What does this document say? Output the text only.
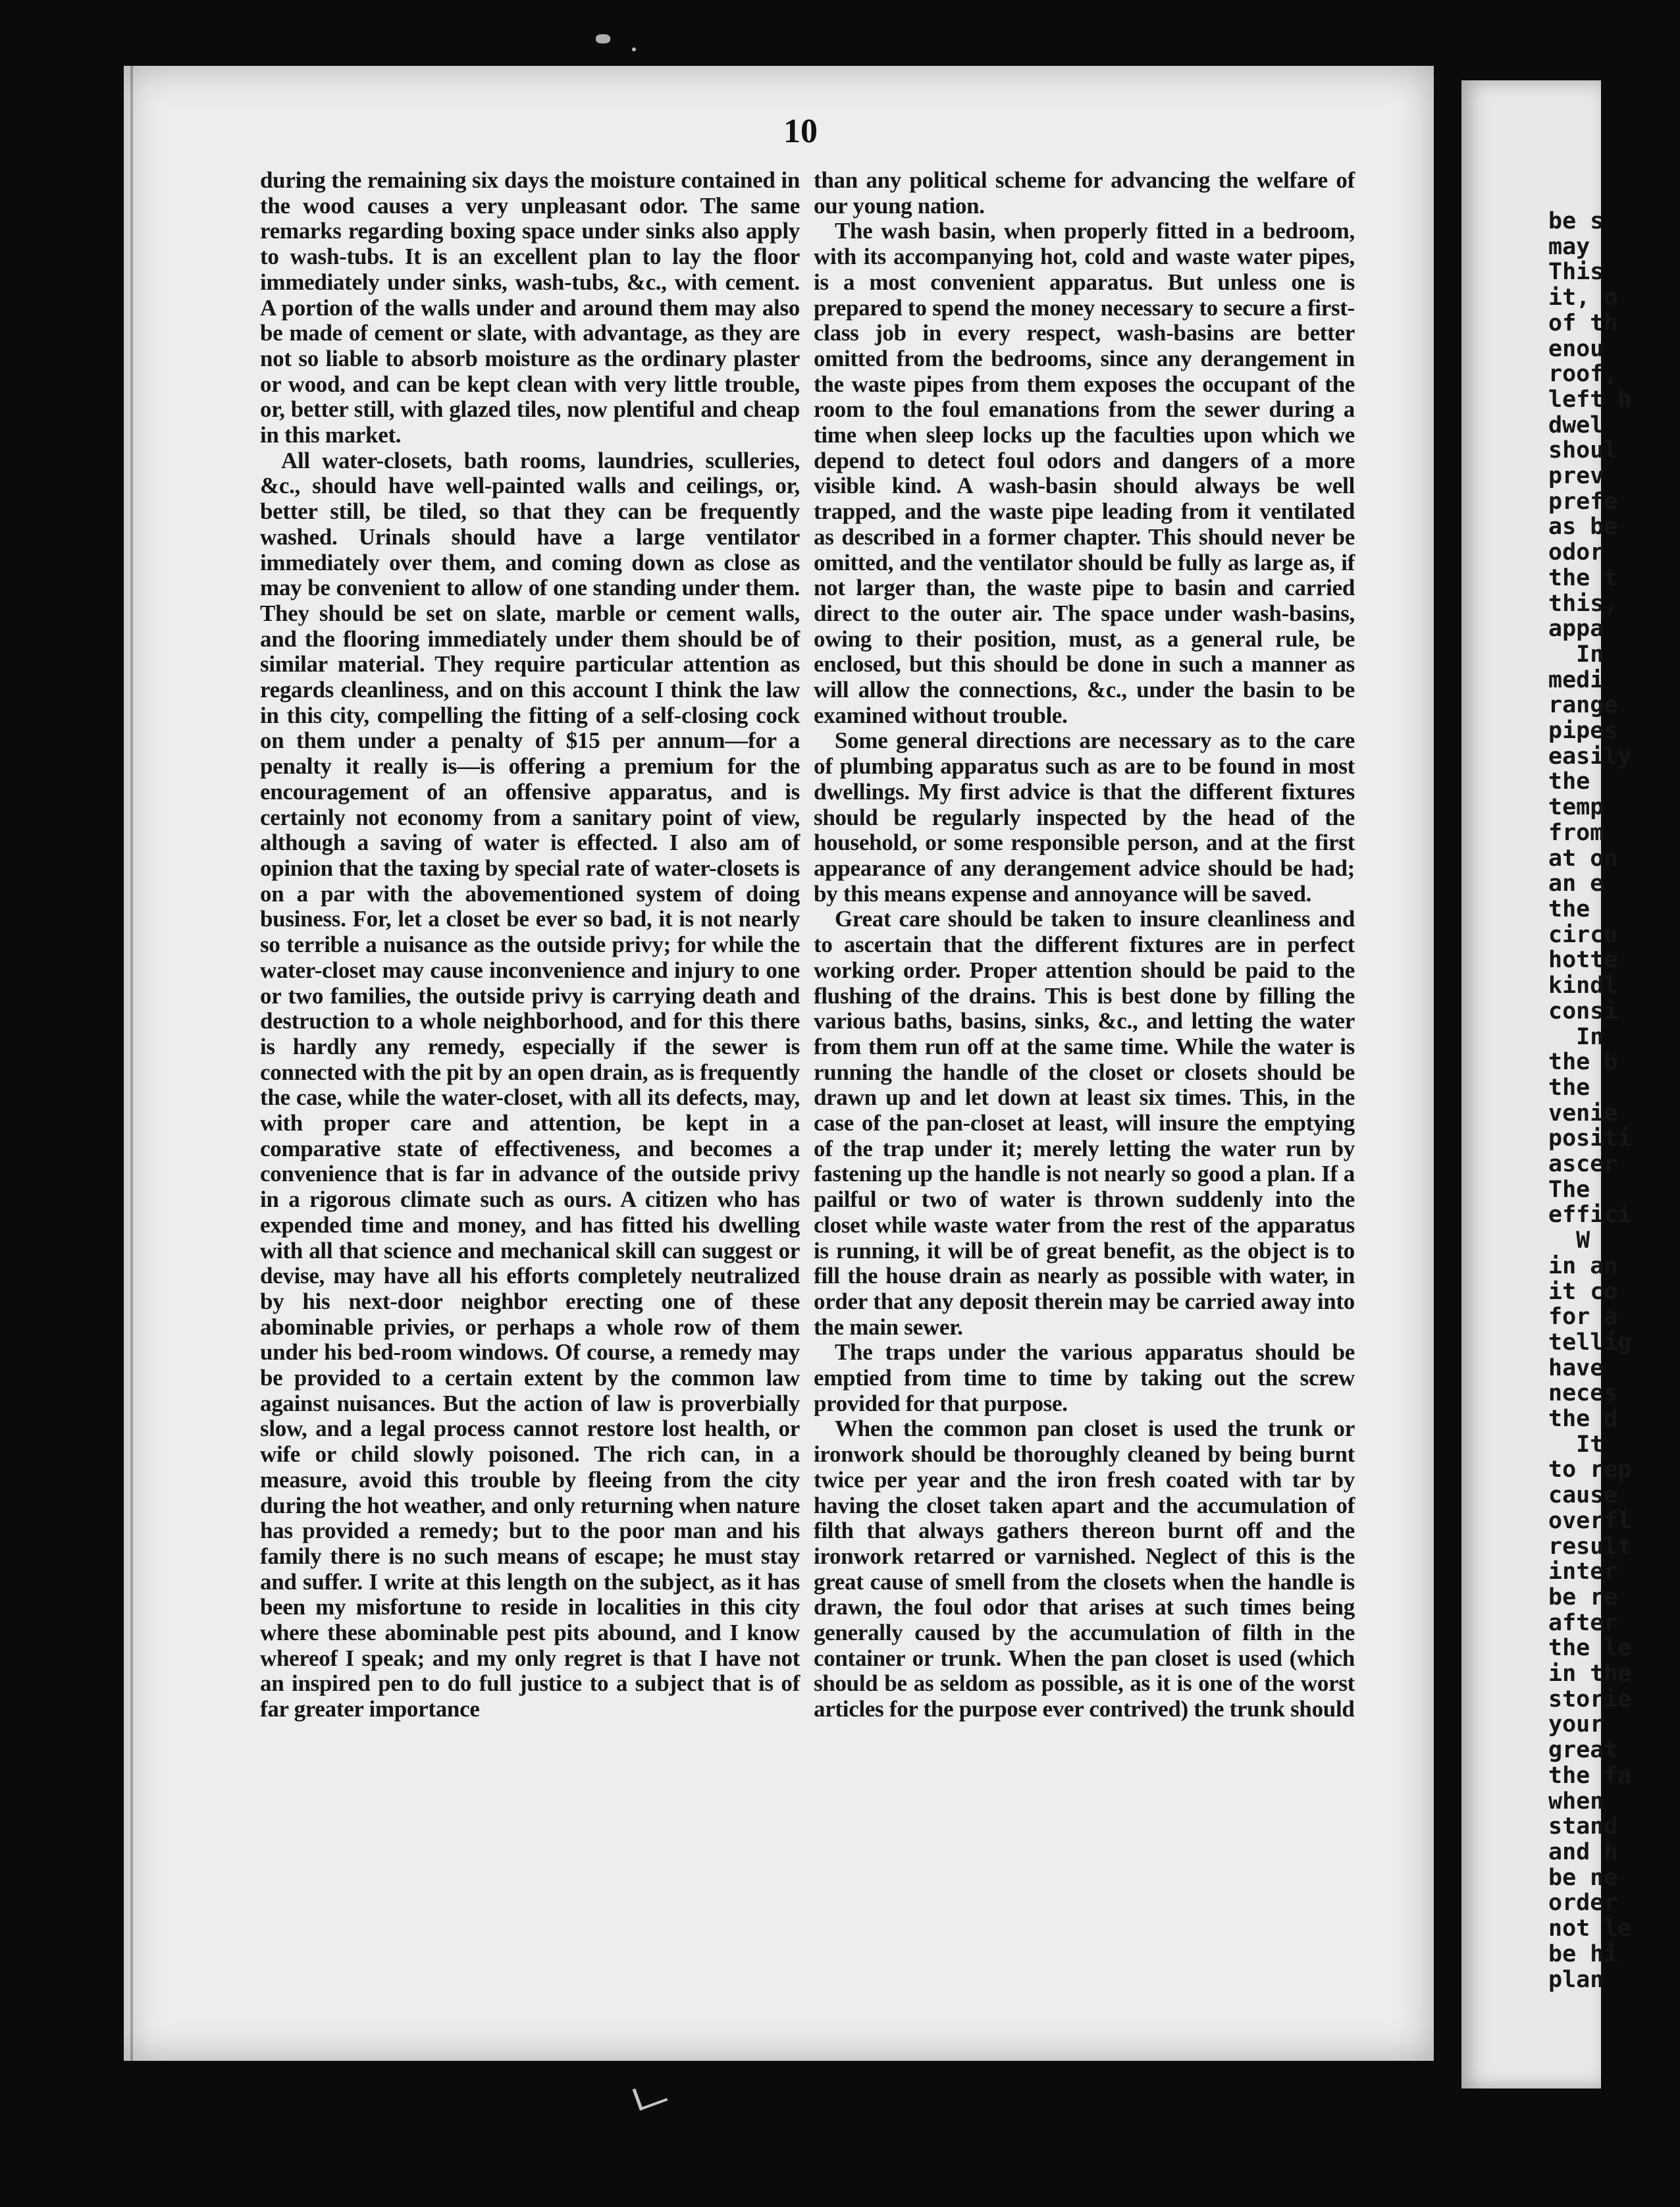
be s
may
This
it, o
of th
enou
roof,
left h
dwel
shoul
prev
prefe
as be
odor
the t
this,
appa
In
medi
range
pipes
easily
the
temp
from
at on
an e
the
circu
hotte
kindl
consi
In
the b
the
venie
positi
ascer
The
effici
W
in an
it co
for a
tellig
have
neces
the d
It
to rep
cause
overfl
result
inter
be re
after
the le
in the
storie
your
great
the fa
when
stand
and h
be ne
order
not le
be hi
plan
10

during the remaining six days the moisture contained in the wood causes a very unpleasant odor. The same remarks regarding boxing space under sinks also apply to wash-tubs. It is an excellent plan to lay the floor immediately under sinks, wash-tubs, &c., with cement. A portion of the walls under and around them may also be made of cement or slate, with advantage, as they are not so liable to absorb moisture as the ordinary plaster or wood, and can be kept clean with very little trouble, or, better still, with glazed tiles, now plentiful and cheap in this market.

All water-closets, bath rooms, laundries, sculleries, &c., should have well-painted walls and ceilings, or, better still, be tiled, so that they can be frequently washed. Urinals should have a large ventilator immediately over them, and coming down as close as may be convenient to allow of one standing under them. They should be set on slate, marble or cement walls, and the flooring immediately under them should be of similar material. They require particular attention as regards cleanliness, and on this account I think the law in this city, compelling the fitting of a self-closing cock on them under a penalty of $15 per annum—for a penalty it really is—is offering a premium for the encouragement of an offensive apparatus, and is certainly not economy from a sanitary point of view, although a saving of water is effected. I also am of opinion that the taxing by special rate of water-closets is on a par with the abovementioned system of doing business. For, let a closet be ever so bad, it is not nearly so terrible a nuisance as the outside privy; for while the water-closet may cause inconvenience and injury to one or two families, the outside privy is carrying death and destruction to a whole neighborhood, and for this there is hardly any remedy, especially if the sewer is connected with the pit by an open drain, as is frequently the case, while the water-closet, with all its defects, may, with proper care and attention, be kept in a comparative state of effectiveness, and becomes a convenience that is far in advance of the outside privy in a rigorous climate such as ours. A citizen who has expended time and money, and has fitted his dwelling with all that science and mechanical skill can suggest or devise, may have all his efforts completely neutralized by his next-door neighbor erecting one of these abominable privies, or perhaps a whole row of them under his bed-room windows. Of course, a remedy may be provided to a certain extent by the common law against nuisances. But the action of law is proverbially slow, and a legal process cannot restore lost health, or wife or child slowly poisoned. The rich can, in a measure, avoid this trouble by fleeing from the city during the hot weather, and only returning when nature has provided a remedy; but to the poor man and his family there is no such means of escape; he must stay and suffer. I write at this length on the subject, as it has been my misfortune to reside in localities in this city where these abominable pest pits abound, and I know whereof I speak; and my only regret is that I have not an inspired pen to do full justice to a subject that is of far greater importance

than any political scheme for advancing the welfare of our young nation.

The wash basin, when properly fitted in a bedroom, with its accompanying hot, cold and waste water pipes, is a most convenient apparatus. But unless one is prepared to spend the money necessary to secure a first-class job in every respect, wash-basins are better omitted from the bedrooms, since any derangement in the waste pipes from them exposes the occupant of the room to the foul emanations from the sewer during a time when sleep locks up the faculties upon which we depend to detect foul odors and dangers of a more visible kind. A wash-basin should always be well trapped, and the waste pipe leading from it ventilated as described in a former chapter. This should never be omitted, and the ventilator should be fully as large as, if not larger than, the waste pipe to basin and carried direct to the outer air. The space under wash-basins, owing to their position, must, as a general rule, be enclosed, but this should be done in such a manner as will allow the connections, &c., under the basin to be examined without trouble.

Some general directions are necessary as to the care of plumbing apparatus such as are to be found in most dwellings. My first advice is that the different fixtures should be regularly inspected by the head of the household, or some responsible person, and at the first appearance of any derangement advice should be had; by this means expense and annoyance will be saved.

Great care should be taken to insure cleanliness and to ascertain that the different fixtures are in perfect working order. Proper attention should be paid to the flushing of the drains. This is best done by filling the various baths, basins, sinks, &c., and letting the water from them run off at the same time. While the water is running the handle of the closet or closets should be drawn up and let down at least six times. This, in the case of the pan-closet at least, will insure the emptying of the trap under it; merely letting the water run by fastening up the handle is not nearly so good a plan. If a pailful or two of water is thrown suddenly into the closet while waste water from the rest of the apparatus is running, it will be of great benefit, as the object is to fill the house drain as nearly as possible with water, in order that any deposit therein may be carried away into the main sewer.

The traps under the various apparatus should be emptied from time to time by taking out the screw provided for that purpose.

When the common pan closet is used the trunk or ironwork should be thoroughly cleaned by being burnt twice per year and the iron fresh coated with tar by having the closet taken apart and the accumulation of filth that always gathers thereon burnt off and the ironwork retarred or varnished. Neglect of this is the great cause of smell from the closets when the handle is drawn, the foul odor that arises at such times being generally caused by the accumulation of filth in the container or trunk. When the pan closet is used (which should be as seldom as possible, as it is one of the worst articles for the purpose ever contrived) the trunk should
